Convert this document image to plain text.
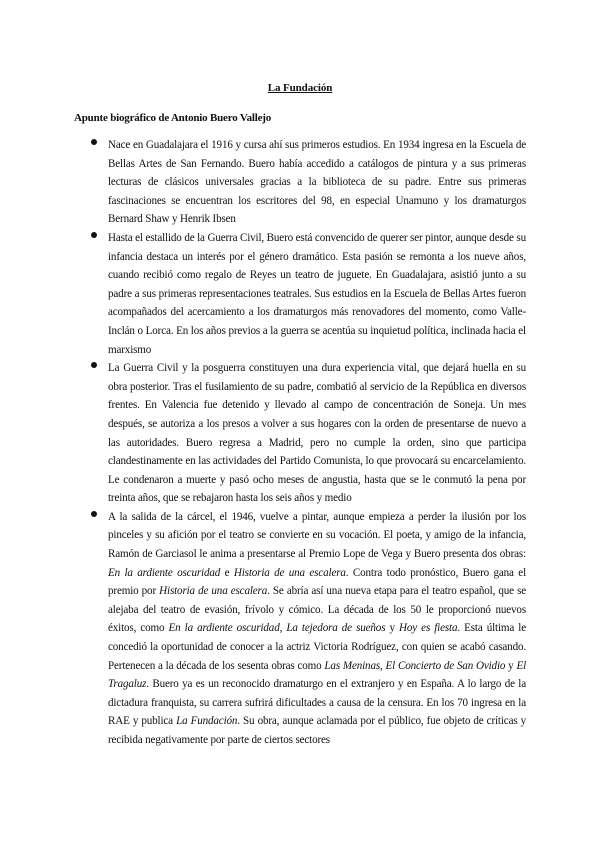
La Fundación
Apunte biográfico de Antonio Buero Vallejo
Nace en Guadalajara el 1916 y cursa ahí sus primeros estudios. En 1934 ingresa en la Escuela de Bellas Artes de San Fernando. Buero había accedido a catálogos de pintura y a sus primeras lecturas de clásicos universales gracias a la biblioteca de su padre. Entre sus primeras fascinaciones se encuentran los escritores del 98, en especial Unamuno y los dramaturgos Bernard Shaw y Henrik Ibsen
Hasta el estallido de la Guerra Civil, Buero está convencido de querer ser pintor, aunque desde su infancia destaca un interés por el género dramático. Esta pasión se remonta a los nueve años, cuando recibió como regalo de Reyes un teatro de juguete. En Guadalajara, asistió junto a su padre a sus primeras representaciones teatrales. Sus estudios en la Escuela de Bellas Artes fueron acompañados del acercamiento a los dramaturgos más renovadores del momento, como Valle-Inclán o Lorca. En los años previos a la guerra se acentúa su inquietud política, inclinada hacia el marxismo
La Guerra Civil y la posguerra constituyen una dura experiencia vital, que dejará huella en su obra posterior. Tras el fusilamiento de su padre, combatió al servicio de la República en diversos frentes. En Valencia fue detenido y llevado al campo de concentración de Soneja. Un mes después, se autoriza a los presos a volver a sus hogares con la orden de presentarse de nuevo a las autoridades. Buero regresa a Madrid, pero no cumple la orden, sino que participa clandestinamente en las actividades del Partido Comunista, lo que provocará su encarcelamiento. Le condenaron a muerte y pasó ocho meses de angustia, hasta que se le conmutó la pena por treinta años, que se rebajaron hasta los seis años y medio
A la salida de la cárcel, el 1946, vuelve a pintar, aunque empieza a perder la ilusión por los pinceles y su afición por el teatro se convierte en su vocación. El poeta, y amigo de la infancia, Ramón de Garciasol le anima a presentarse al Premio Lope de Vega y Buero presenta dos obras: En la ardiente oscuridad e Historia de una escalera. Contra todo pronóstico, Buero gana el premio por Historia de una escalera. Se abría así una nueva etapa para el teatro español, que se alejaba del teatro de evasión, frívolo y cómico. La década de los 50 le proporcionó nuevos éxitos, como En la ardiente oscuridad, La tejedora de sueños y Hoy es fiesta. Esta última le concedió la oportunidad de conocer a la actriz Victoria Rodríguez, con quien se acabó casando. Pertenecen a la década de los sesenta obras como Las Meninas, El Concierto de San Ovidio y El Tragaluz. Buero ya es un reconocido dramaturgo en el extranjero y en España. A lo largo de la dictadura franquista, su carrera sufrirá dificultades a causa de la censura. En los 70 ingresa en la RAE y publica La Fundación. Su obra, aunque aclamada por el público, fue objeto de críticas y recibida negativamente por parte de ciertos sectores
